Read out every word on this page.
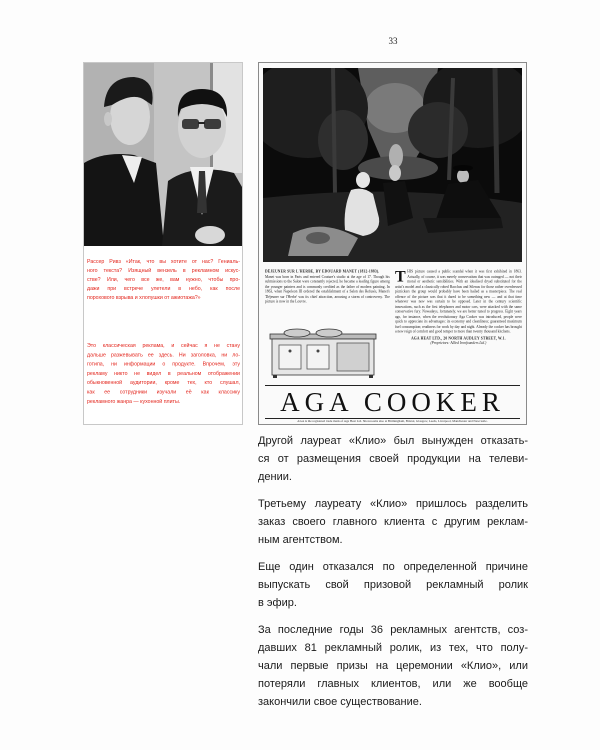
33
Рассер Ривз «Итак, что вы хотите от нас? Гениаль-
ного текста? Изящный вензель в рекламном искус-
стве? Или, чего все же, вам нужно, чтобы про-
дажи при встрече улетели в небо, как после
порохового взрыва и хлопушки от ажиотажа?»
Это классическая реклама, и сейчас я не стану
дальше разжевывать ее здесь. Ни заголовка, ни ло-
готипа, ни информации о продукте. Впрочем, эту
рекламу никто не видел в реальном отображении
обыкновенной аудитории, кроме тех, кто слушал,
как ее сотрудники изучали её как классику
рекламного жанра — кухонной плиты.
DÉJEUNER SUR L'HERBE, BY EDOUARD MANET (1832-1883).
Manet was born in Paris and entered Couture's studio at the age of 17. Though his submissions to the Salon were constantly rejected, he became a leading figure among the younger painters and is commonly credited as the father of modern painting. In 1863, when Napoleon III ordered the establishment of a Salon des Refusés, Manet's 'Déjeuner sur l'Herbe' was its chief attraction, arousing a storm of controversy. The picture is now in the Louvre.
T HIS picture caused a public scandal when it was first exhibited in 1863. Actually, of course, it was merely conservatism that was outraged — not their moral or aesthetic sensibilities. With an idealised dryad substituted for the artist's model and a classically robed Bacchus and Silenus for those rather overdressed picnickers the group would probably have been hailed as a masterpiece. The real offence of the picture was that it dared to be something new — and at that time whatever was new was certain to be opposed. Later in the century scientific innovations, such as the first telephones and motor cars, were attacked with the same conservative fury. Nowadays, fortunately, we are better tuned to progress. Eight years ago, for instance, when the revolutionary Aga Cooker was introduced, people were quick to appreciate its advantages: its economy and cleanliness; guaranteed maximum fuel consumption; readiness for work by day and night. Already the cooker has brought a new reign of comfort and good temper to more than twenty thousand kitchens.
AGA HEAT LTD., 20 NORTH AUDLEY STREET, W.1.
(Proprietors: Allied Ironfounders Ltd.)
AGA COOKER
AGA is the registered trade mark of Aga Heat Ltd. Showrooms also at Birmingham, Bristol, Glasgow, Leeds, Liverpool, Manchester and Newcastle.
Другой лауреат «Клио» был вынужден отказать-
ся от размещения своей продукции на телеви-
дении.
Третьему лауреату «Клио» пришлось разделить
заказ своего главного клиента с другим реклам-
ным агентством.
Еще один отказался по определенной причине
выпускать свой призовой рекламный ролик
в эфир.
За последние годы 36 рекламных агентств, соз-
давших 81 рекламный ролик, из тех, что полу-
чали первые призы на церемонии «Клио», или
потеряли главных клиентов, или же вообще
закончили свое существование.
